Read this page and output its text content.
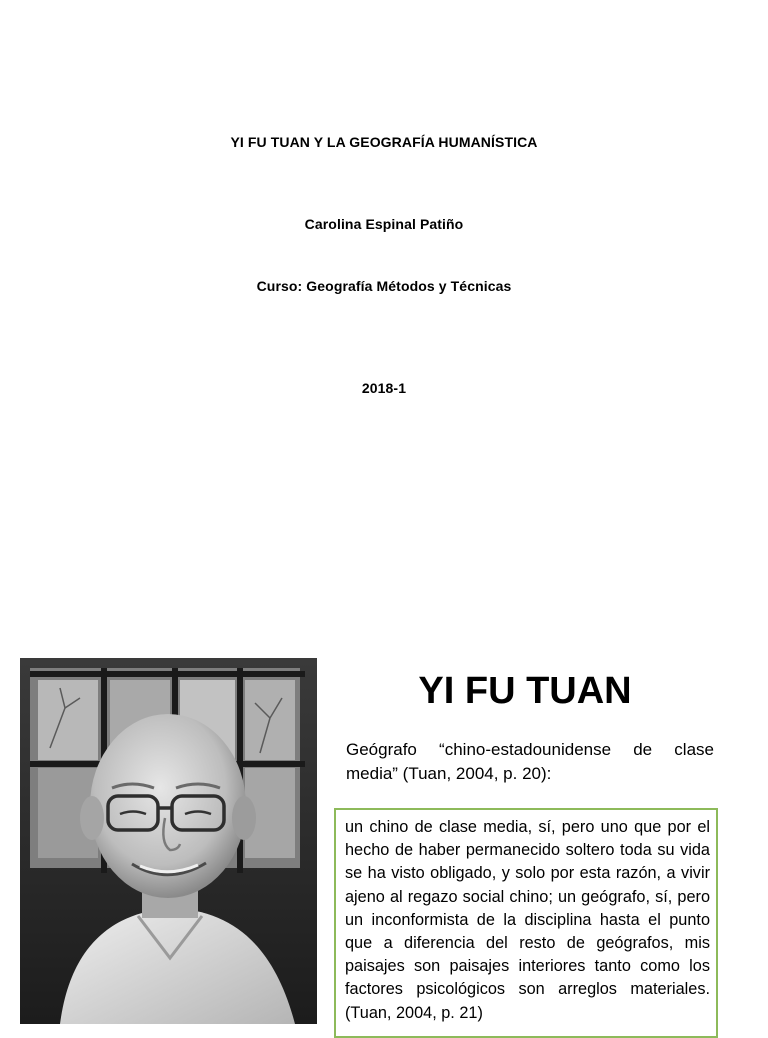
YI FU TUAN Y LA GEOGRAFÍA HUMANÍSTICA
Carolina Espinal Patiño
Curso: Geografía Métodos y Técnicas
2018-1
YI FU TUAN
Geógrafo “chino-estadounidense de clase media” (Tuan, 2004, p. 20):
un chino de clase media, sí, pero uno que por el hecho de haber permanecido soltero toda su vida se ha visto obligado, y solo por esta razón, a vivir ajeno al regazo social chino; un geógrafo, sí, pero un inconformista de la disciplina hasta el punto que a diferencia del resto de geógrafos, mis paisajes son paisajes interiores tanto como los factores psicológicos son arreglos materiales. (Tuan, 2004, p. 21)
